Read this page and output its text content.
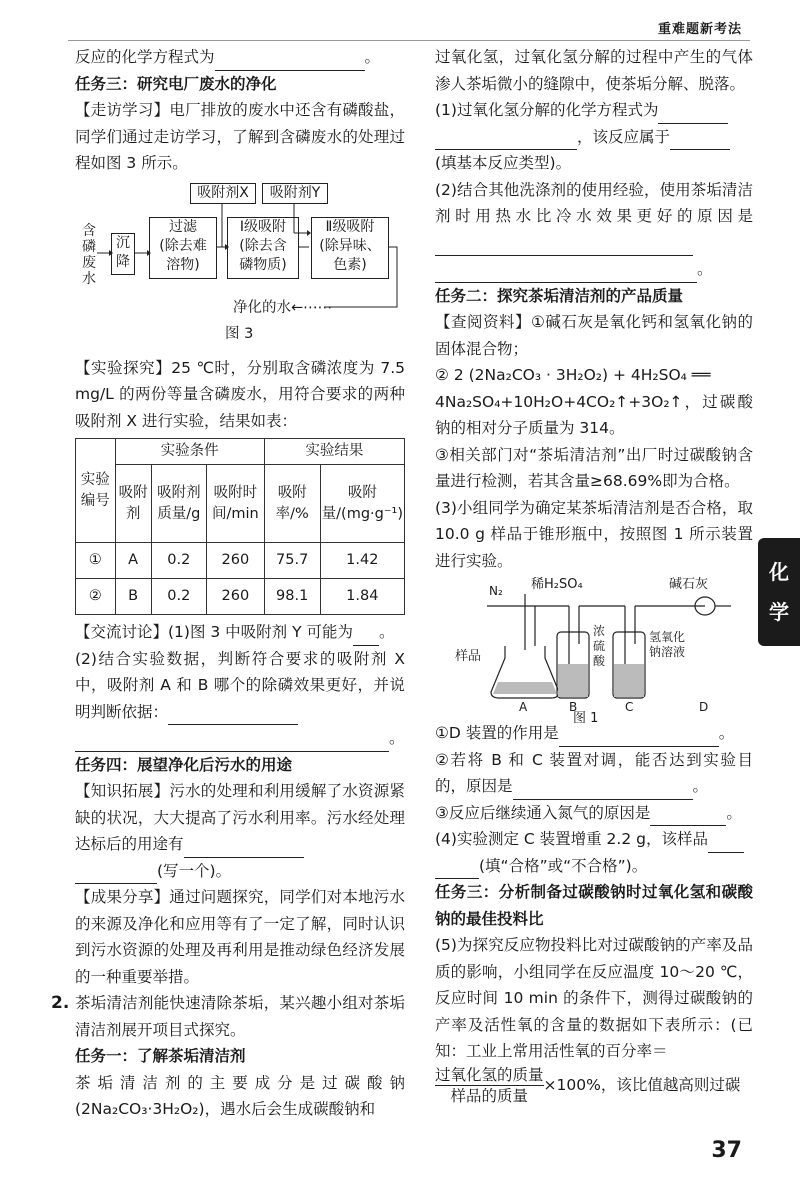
重难题新考法

反应的化学方程式为	。

任务三：研究电厂废水的净化

【走访学习】电厂排放的废水中还含有磷酸盐，同学们通过走访学习，了解到含磷废水的处理过程如图 3 所示。

吸附剂X	吸附剂Y
含
磷
废
水
沉
降
过滤
(除去难
溶物)
Ⅰ级吸附
(除去含
磷物质)
Ⅱ级吸附
(除异味、
色素)
净化的水←⋯⋯
图 3

【实验探究】25 ℃时，分别取含磷浓度为 7.5 mg/L 的两份等量含磷废水，用符合要求的两种吸附剂 X 进行实验，结果如表：

实验编号	实验条件			实验结果	
	吸附剂	吸附剂质量/g	吸附时间/min	吸附率/%	吸附量/(mg·g⁻¹)
①	A	0.2	260	75.7	1.42
②	B	0.2	260	98.1	1.84

【交流讨论】(1)图 3 中吸附剂 Y 可能为 。

(2)结合实验数据，判断符合要求的吸附剂 X 中，吸附剂 A 和 B 哪个的除磷效果更好，并说明判断依据：

。

任务四：展望净化后污水的用途

【知识拓展】污水的处理和利用缓解了水资源紧缺的状况，大大提高了污水利用率。污水经处理达标后的用途有

(写一个)。

【成果分享】通过问题探究，同学们对本地污水的来源及净化和应用等有了一定了解，同时认识到污水资源的处理及再利用是推动绿色经济发展的一种重要举措。

2. 茶垢清洁剂能快速清除茶垢，某兴趣小组对茶垢清洁剂展开项目式探究。

任务一：了解茶垢清洁剂

茶垢清洁剂的主要成分是过碳酸钠(2Na₂CO₃·3H₂O₂)，遇水后会生成碳酸钠和

过氧化氢，过氧化氢分解的过程中产生的气体渗人茶垢微小的缝隙中，使茶垢分解、脱落。

(1)过氧化氢分解的化学方程式为

，该反应属于

(填基本反应类型)。

(2)结合其他洗涤剂的使用经验，使用茶垢清洁剂时用热水比冷水效果更好的原因是

。

任务二：探究茶垢清洁剂的产品质量

【查阅资料】①碱石灰是氧化钙和氢氧化钠的固体混合物；

② 2 (2Na₂CO₃ · 3H₂O₂) + 4H₂SO₄ ══

4Na₂SO₄+10H₂O+4CO₂↑+3O₂↑，过碳酸钠的相对分子质量为 314。

③相关部门对“茶垢清洁剂”出厂时过碳酸钠含量进行检测，若其含量≥68.69%即为合格。

(3)小组同学为确定某茶垢清洁剂是否合格，取 10.0 g 样品于锥形瓶中，按照图 1 所示装置进行实验。

N₂ 稀H₂SO₄	碱石灰
样品
浓
硫
酸
氢氧化
钠溶液
A	B	C	D
图 1

①D 装置的作用是	。

②若将 B 和 C 装置对调，能否达到实验目的，原因是	。

③反应后继续通入氮气的原因是	。

(4)实验测定 C 装置增重 2.2 g，该样品

(填“合格”或“不合格”)。

任务三：分析制备过碳酸钠时过氧化氢和碳酸钠的最佳投料比

(5)为探究反应物投料比对过碳酸钠的产率及品质的影响，小组同学在反应温度 10～20 ℃，反应时间 10 min 的条件下，测得过碳酸钠的产率及活性氧的含量的数据如下表所示：(已知：工业上常用活性氧的百分率＝

$\frac{\text{过氧化氢的质量}}{\text{样品的质量}}\times 100\%$，该比值越高则过碳

化
学
37
